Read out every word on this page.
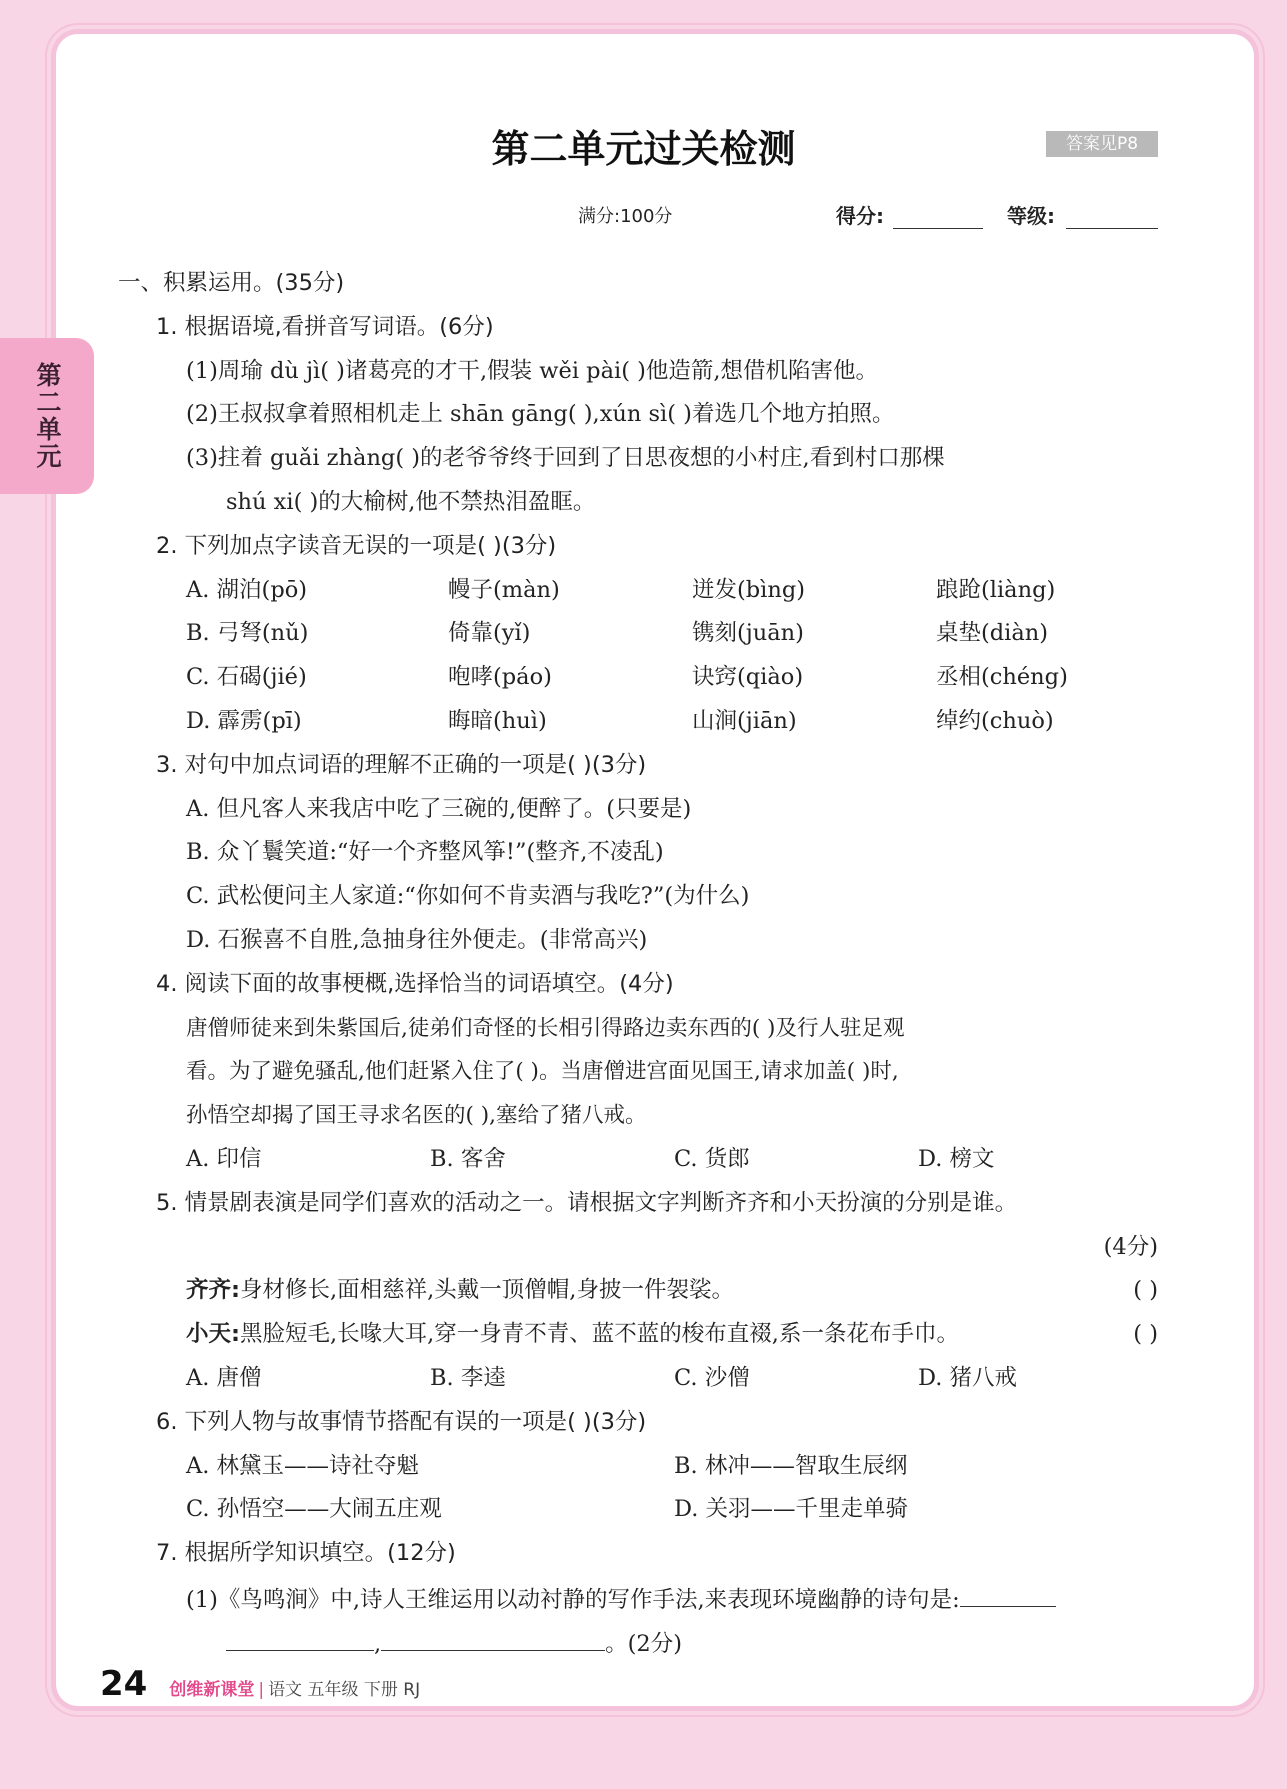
第二单元
第二单元过关检测	答案见P8
满分:100分	得分:	等级:
一、积累运用。(35分)
1. 根据语境,看拼音写词语。(6分)
(1)周瑜 dù jì( )诸葛亮的才干,假装 wěi pài( )他造箭,想借机陷害他。
(2)王叔叔拿着照相机走上 shān gāng( ),xún sì( )着选几个地方拍照。
(3)拄着 guǎi zhàng( )的老爷爷终于回到了日思夜想的小村庄,看到村口那棵
shú xi( )的大榆树,他不禁热泪盈眶。
2. 下列加点字读音无误的一项是( )(3分)
A. 湖泊(pō)	幔子(màn)	迸发(bìng)	踉跄(liàng)
B. 弓弩(nǔ)	倚靠(yǐ)	镌刻(juān)	桌垫(diàn)
C. 石碣(jié)	咆哮(páo)	诀窍(qiào)	丞相(chéng)
D. 霹雳(pī)	晦暗(huì)	山涧(jiān)	绰约(chuò)
3. 对句中加点词语的理解不正确的一项是( )(3分)
A. 但凡客人来我店中吃了三碗的,便醉了。(只要是)
B. 众丫鬟笑道:“好一个齐整风筝!”(整齐,不凌乱)
C. 武松便问主人家道:“你如何不肯卖酒与我吃?”(为什么)
D. 石猴喜不自胜,急抽身往外便走。(非常高兴)
4. 阅读下面的故事梗概,选择恰当的词语填空。(4分)
唐僧师徒来到朱紫国后,徒弟们奇怪的长相引得路边卖东西的( )及行人驻足观
看。为了避免骚乱,他们赶紧入住了( )。当唐僧进宫面见国王,请求加盖( )时,
孙悟空却揭了国王寻求名医的( ),塞给了猪八戒。
A. 印信	B. 客舍	C. 货郎	D. 榜文
5. 情景剧表演是同学们喜欢的活动之一。请根据文字判断齐齐和小天扮演的分别是谁。
(4分)
齐齐:身材修长,面相慈祥,头戴一顶僧帽,身披一件袈裟。	( )
小天:黑脸短毛,长喙大耳,穿一身青不青、蓝不蓝的梭布直裰,系一条花布手巾。	( )
A. 唐僧	B. 李逵	C. 沙僧	D. 猪八戒
6. 下列人物与故事情节搭配有误的一项是( )(3分)
A. 林黛玉——诗社夺魁	B. 林冲——智取生辰纲
C. 孙悟空——大闹五庄观	D. 关羽——千里走单骑
7. 根据所学知识填空。(12分)
(1)《鸟鸣涧》中,诗人王维运用以动衬静的写作手法,来表现环境幽静的诗句是:
,	。(2分)
24 创维新课堂 | 语文 五年级 下册 RJ
